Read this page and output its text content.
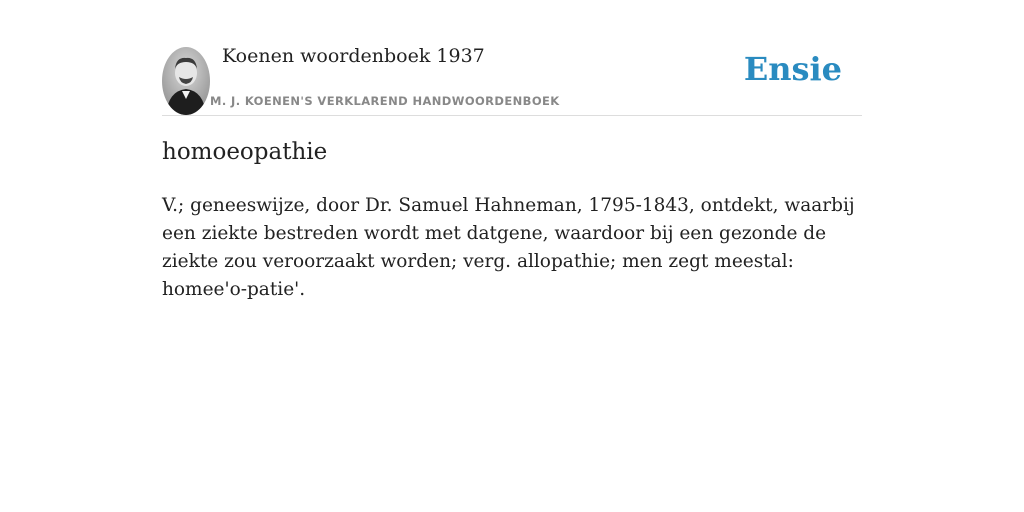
Koenen woordenboek 1937
M. J. KOENEN'S VERKLAREND HANDWOORDENBOEK
Ensie
homoeopathie

V.; geneeswijze, door Dr. Samuel Hahneman, 1795-1843, ontdekt, waarbij een ziekte bestreden wordt met datgene, waardoor bij een gezonde de ziekte zou veroorzaakt worden; verg. allopathie; men zegt meestal: homee'o-patie'.
